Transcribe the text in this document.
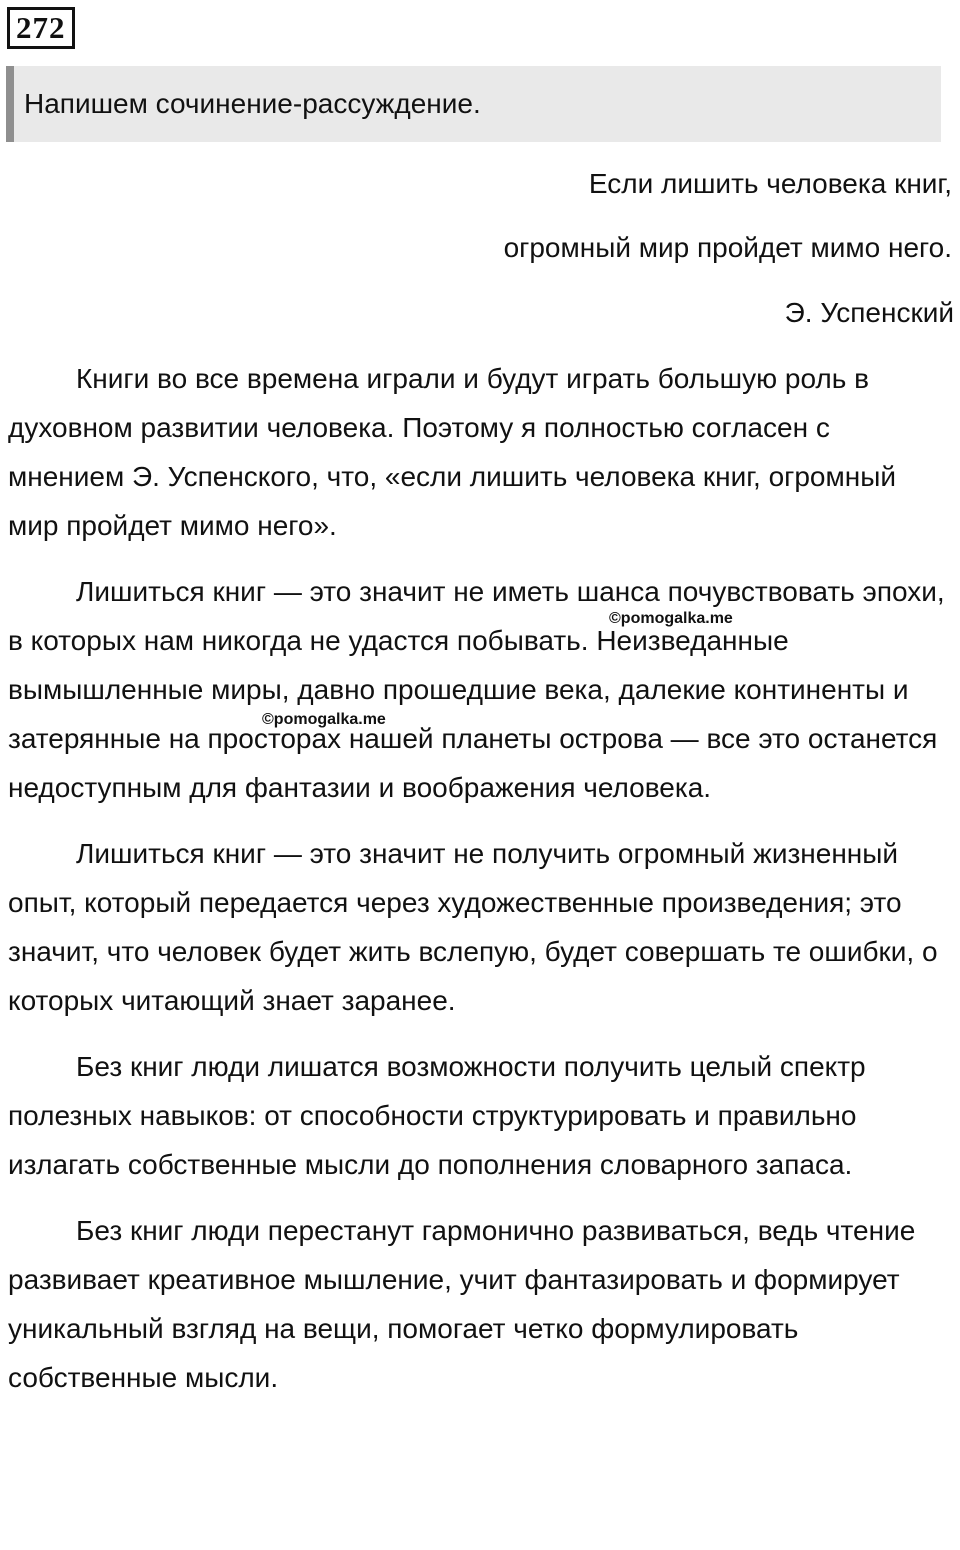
272
Напишем сочинение-рассуждение.
Если лишить человека книг,
огромный мир пройдет мимо него.
Э. Успенский

Книги во все времена играли и будут играть большую роль в духовном развитии человека. Поэтому я полностью согласен с мнением Э. Успенского, что, «если лишить человека книг, огромный мир пройдет мимо него».

Лишиться книг — это значит не иметь шанса почувствовать эпохи, в которых нам никогда не удастся побывать. Неизведанные вымышленные миры, давно прошедшие века, далекие континенты и затерянные на просторах нашей планеты острова — все это останется недоступным для фантазии и воображения человека.

Лишиться книг — это значит не получить огромный жизненный опыт, который передается через художественные произведения; это значит, что человек будет жить вслепую, будет совершать те ошибки, о которых читающий знает заранее.

Без книг люди лишатся возможности получить целый спектр полезных навыков: от способности структурировать и правильно излагать собственные мысли до пополнения словарного запаса.

Без книг люди перестанут гармонично развиваться, ведь чтение развивает креативное мышление, учит фантазировать и формирует уникальный взгляд на вещи, помогает четко формулировать собственные мысли.

©pomogalka.me
©pomogalka.me
